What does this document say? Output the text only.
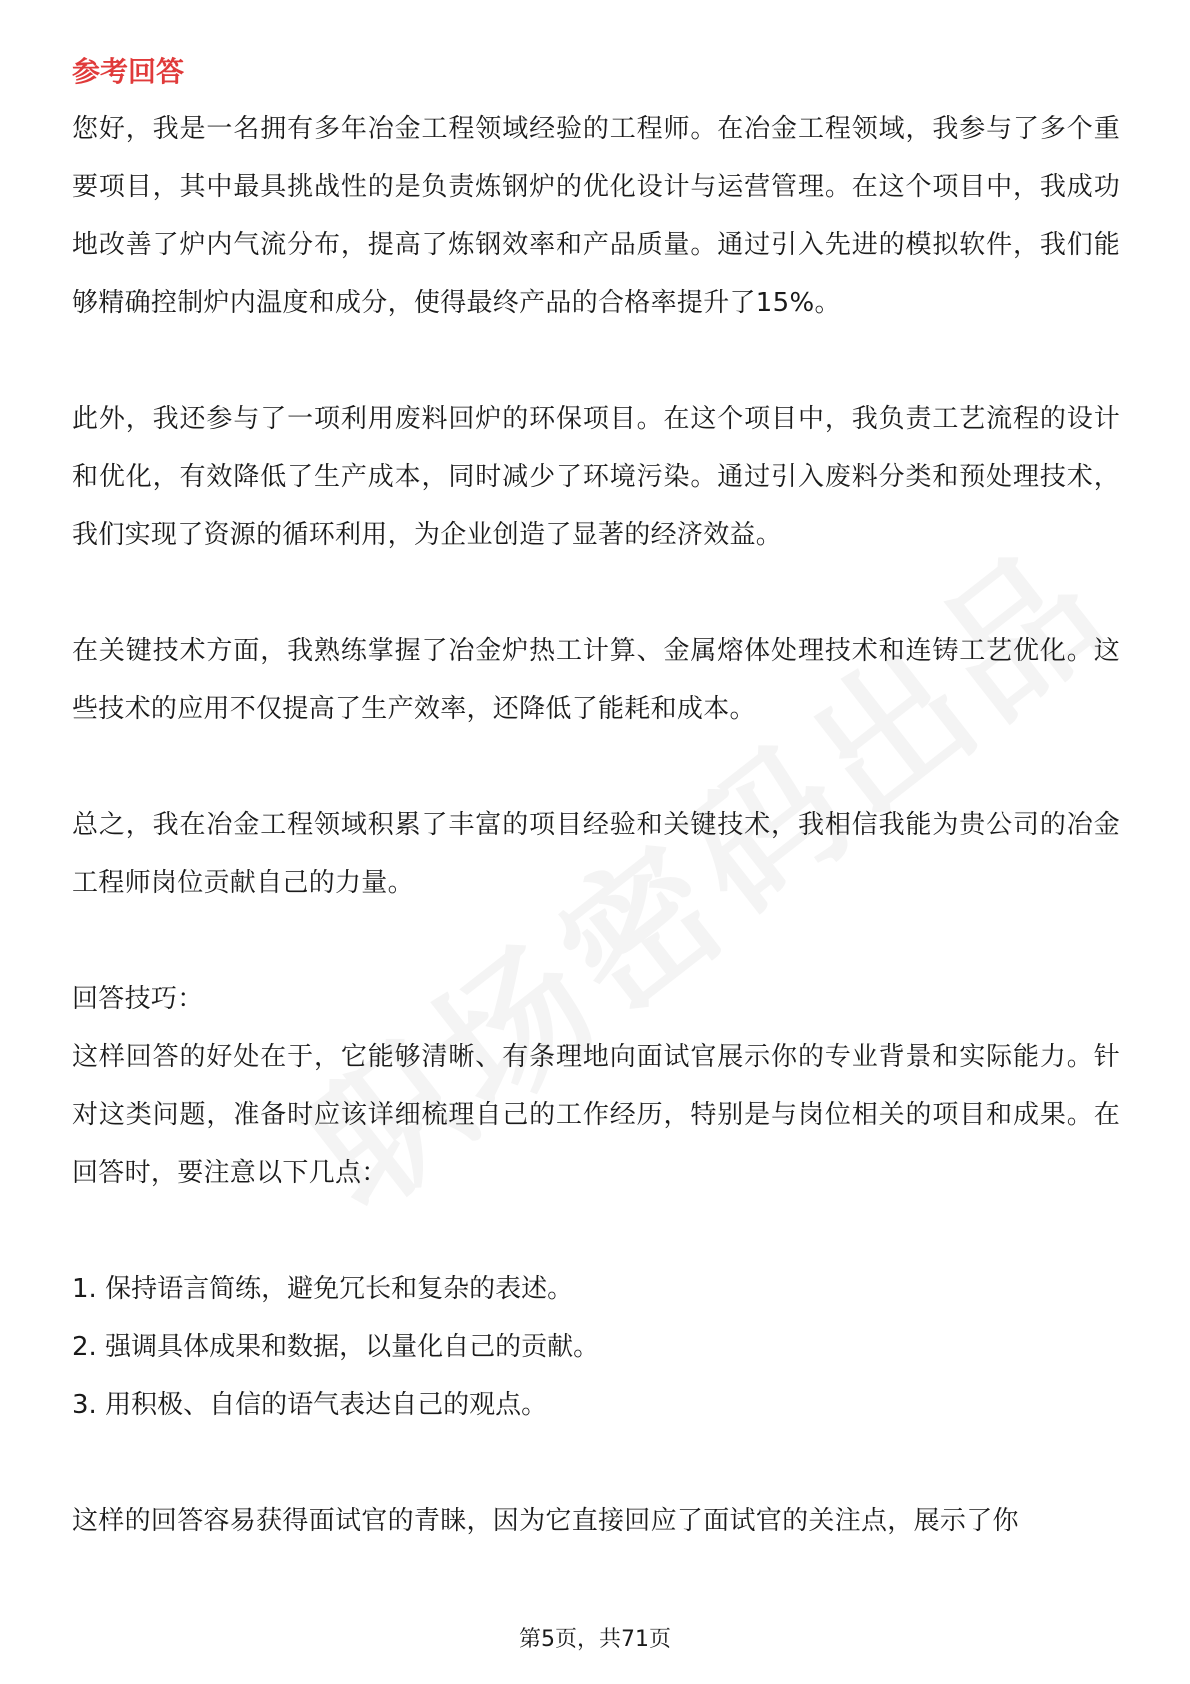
参考回答

您好，我是一名拥有多年冶金工程领域经验的工程师。在冶金工程领域，我参与了多个重要项目，其中最具挑战性的是负责炼钢炉的优化设计与运营管理。在这个项目中，我成功地改善了炉内气流分布，提高了炼钢效率和产品质量。通过引入先进的模拟软件，我们能够精确控制炉内温度和成分，使得最终产品的合格率提升了15%。

此外，我还参与了一项利用废料回炉的环保项目。在这个项目中，我负责工艺流程的设计和优化，有效降低了生产成本，同时减少了环境污染。通过引入废料分类和预处理技术，我们实现了资源的循环利用，为企业创造了显著的经济效益。

在关键技术方面，我熟练掌握了冶金炉热工计算、金属熔体处理技术和连铸工艺优化。这些技术的应用不仅提高了生产效率，还降低了能耗和成本。

总之，我在冶金工程领域积累了丰富的项目经验和关键技术，我相信我能为贵公司的冶金工程师岗位贡献自己的力量。

回答技巧：

这样回答的好处在于，它能够清晰、有条理地向面试官展示你的专业背景和实际能力。针对这类问题，准备时应该详细梳理自己的工作经历，特别是与岗位相关的项目和成果。在回答时，要注意以下几点：

1. 保持语言简练，避免冗长和复杂的表述。

2. 强调具体成果和数据，以量化自己的贡献。

3. 用积极、自信的语气表达自己的观点。

这样的回答容易获得面试官的青睐，因为它直接回应了面试官的关注点，展示了你

第5页，共71页
